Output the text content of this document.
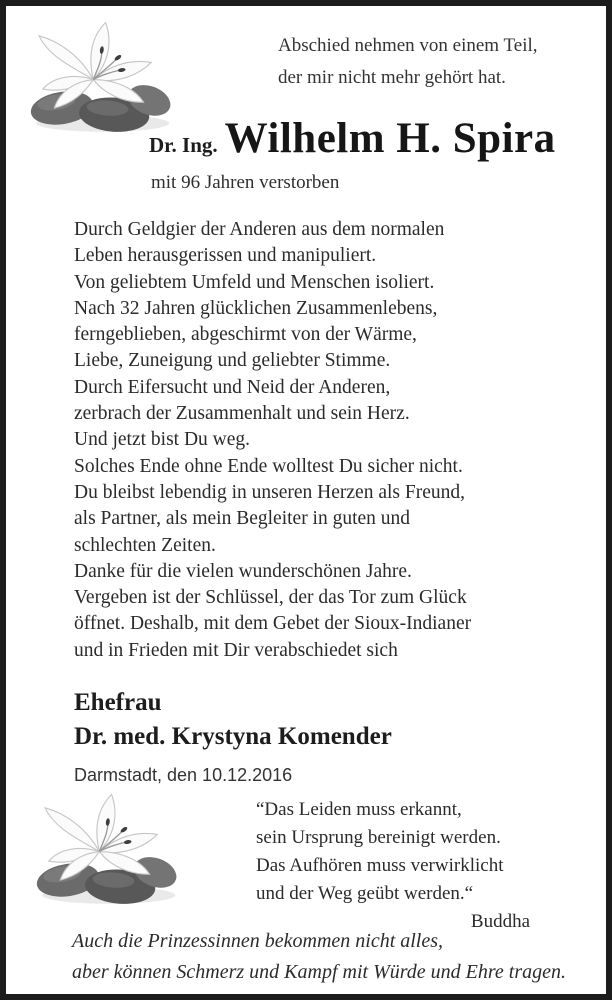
Abschied nehmen von einem Teil,
der mir nicht mehr gehört hat.
Dr. Ing. Wilhelm H. Spira
mit 96 Jahren verstorben
Durch Geldgier der Anderen aus dem normalen
Leben herausgerissen und manipuliert.
Von geliebtem Umfeld und Menschen isoliert.
Nach 32 Jahren glücklichen Zusammenlebens,
ferngeblieben, abgeschirmt von der Wärme,
Liebe, Zuneigung und geliebter Stimme.
Durch Eifersucht und Neid der Anderen,
zerbrach der Zusammenhalt und sein Herz.
Und jetzt bist Du weg.
Solches Ende ohne Ende wolltest Du sicher nicht.
Du bleibst lebendig in unseren Herzen als Freund,
als Partner, als mein Begleiter in guten und
schlechten Zeiten.
Danke für die vielen wunderschönen Jahre.
Vergeben ist der Schlüssel, der das Tor zum Glück
öffnet. Deshalb, mit dem Gebet der Sioux-Indianer
und in Frieden mit Dir verabschiedet sich
Ehefrau
Dr. med. Krystyna Komender
Darmstadt, den 10.12.2016
“Das Leiden muss erkannt,
sein Ursprung bereinigt werden.
Das Aufhören muss verwirklicht
und der Weg geübt werden.“
Buddha
Auch die Prinzessinnen bekommen nicht alles,
aber können Schmerz und Kampf mit Würde und Ehre tragen.
